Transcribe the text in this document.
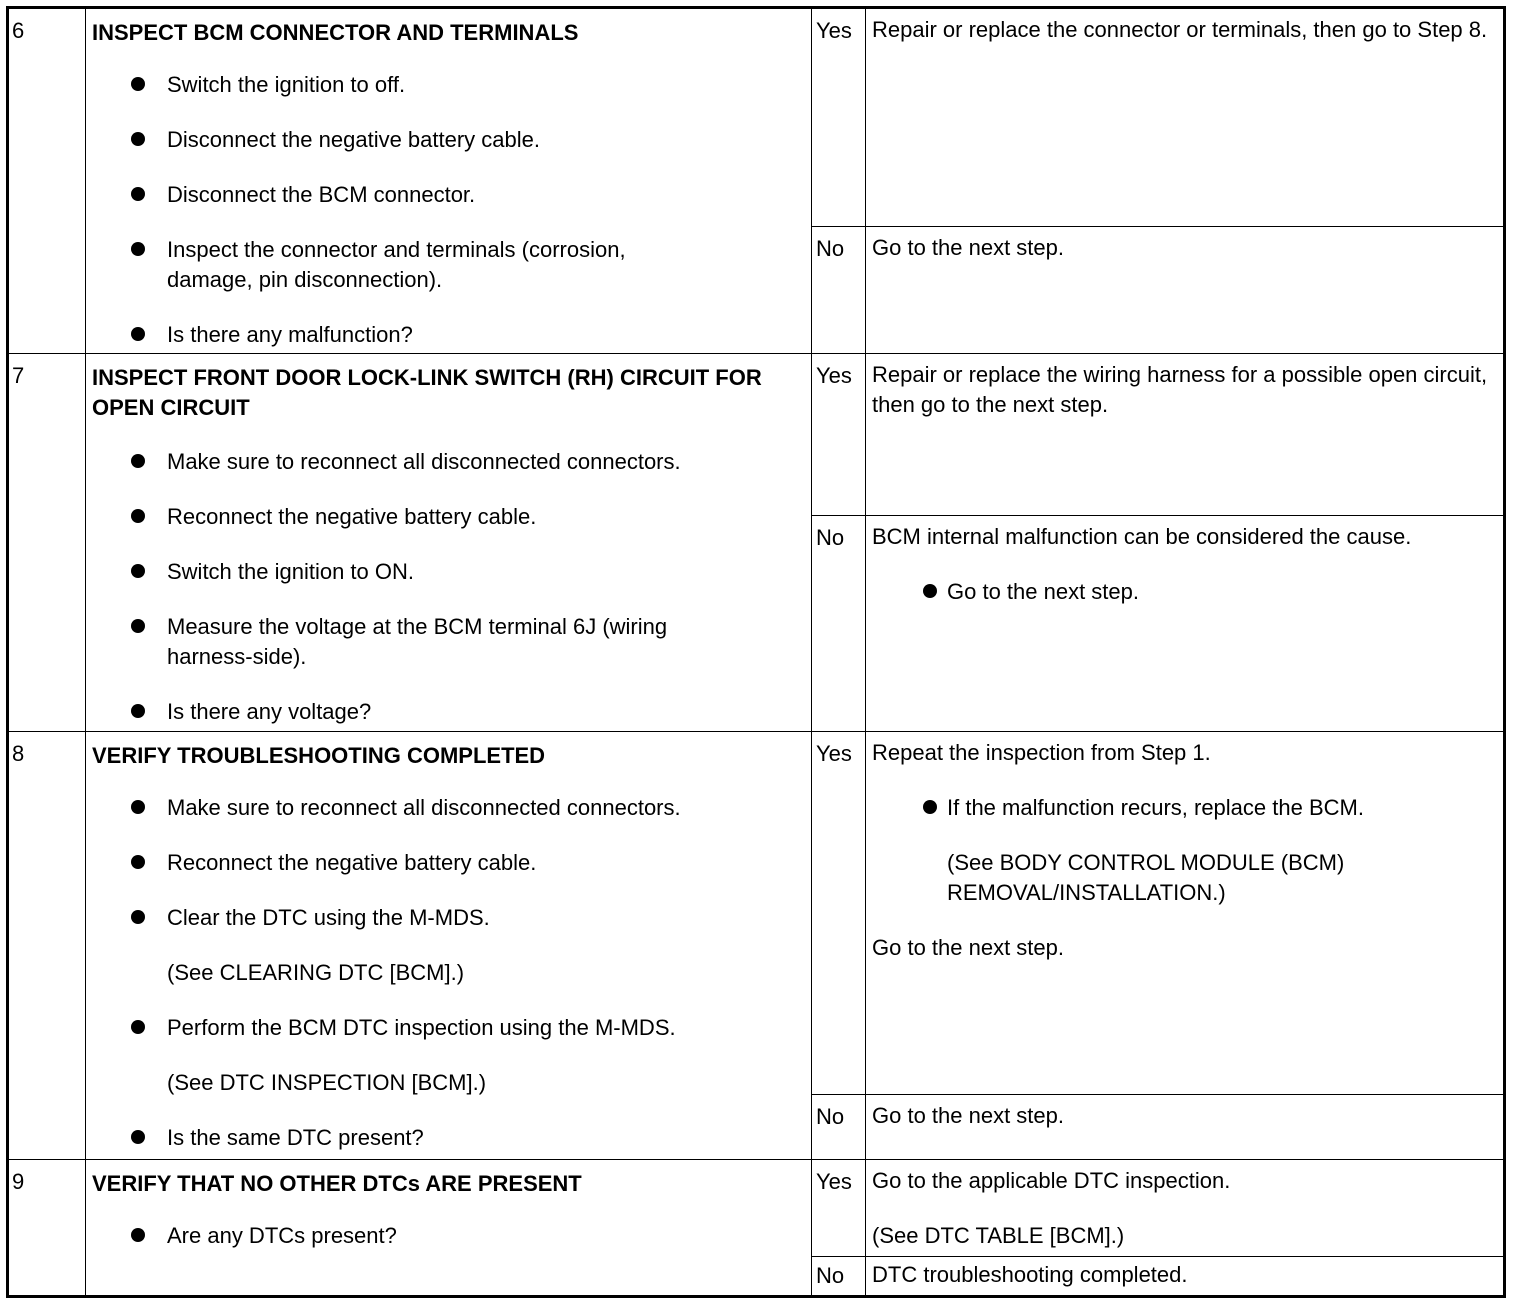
6	INSPECT BCM CONNECTOR AND TERMINALS
Switch the ignition to off.
Disconnect the negative battery cable.
Disconnect the BCM connector.
Inspect the connector and terminals (corrosion, damage, pin disconnection).
Is there any malfunction?
Yes Repair or replace the connector or terminals, then go to Step 8.
No Go to the next step.
7	INSPECT FRONT DOOR LOCK-LINK SWITCH (RH) CIRCUIT FOR OPEN CIRCUIT
Make sure to reconnect all disconnected connectors.
Reconnect the negative battery cable.
Switch the ignition to ON.
Measure the voltage at the BCM terminal 6J (wiring harness-side).
Is there any voltage?
Yes Repair or replace the wiring harness for a possible open circuit, then go to the next step.
No BCM internal malfunction can be considered the cause.
Go to the next step.
8	VERIFY TROUBLESHOOTING COMPLETED
Make sure to reconnect all disconnected connectors.
Reconnect the negative battery cable.
Clear the DTC using the M-MDS.
(See CLEARING DTC [BCM].)
Perform the BCM DTC inspection using the M-MDS.
(See DTC INSPECTION [BCM].)
Is the same DTC present?
Yes Repeat the inspection from Step 1.
If the malfunction recurs, replace the BCM.
(See BODY CONTROL MODULE (BCM) REMOVAL/INSTALLATION.)
Go to the next step.
No Go to the next step.
9	VERIFY THAT NO OTHER DTCs ARE PRESENT
Are any DTCs present?
Yes Go to the applicable DTC inspection.
(See DTC TABLE [BCM].)
No DTC troubleshooting completed.
